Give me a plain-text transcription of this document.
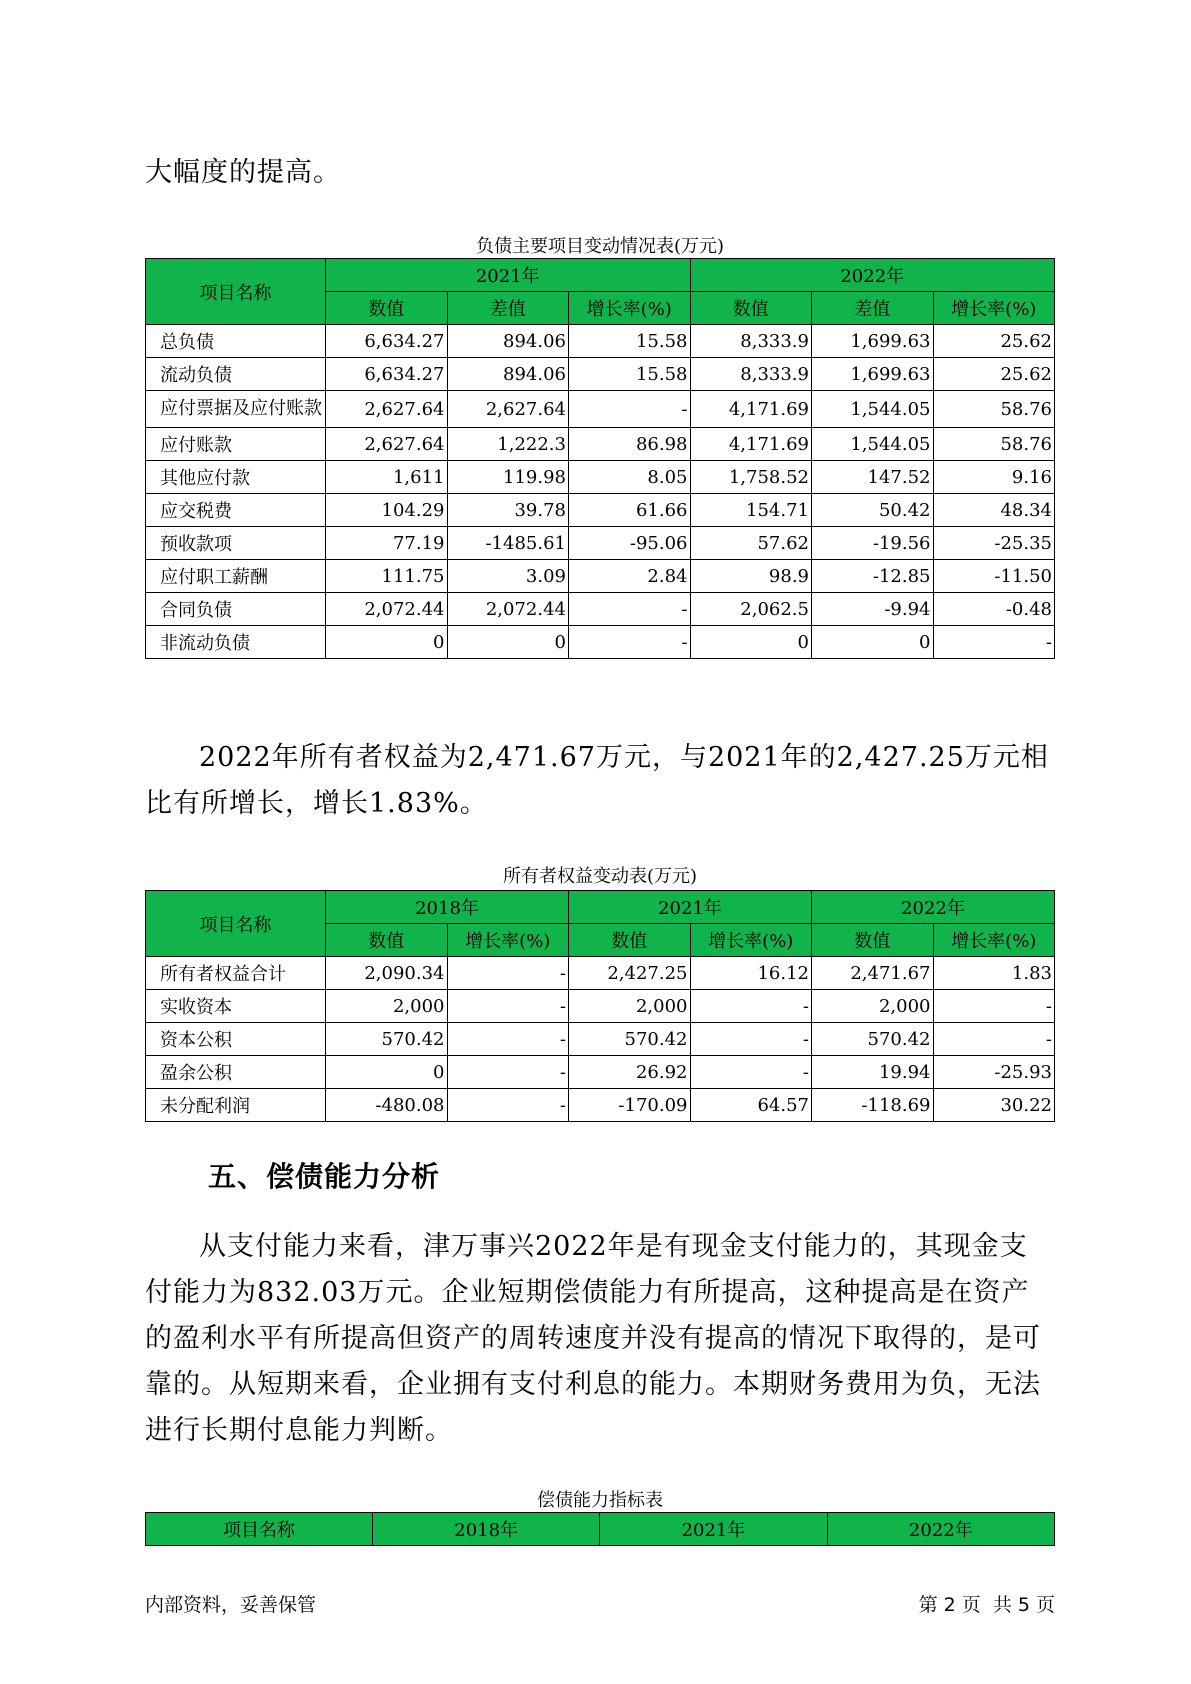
大幅度的提高。

负债主要项目变动情况表(万元)

项目名称	2021年			2022年		
	数值	差值	增长率(%)	数值	差值	增长率(%)
总负债	6,634.27	894.06	15.58	8,333.9	1,699.63	25.62
流动负债	6,634.27	894.06	15.58	8,333.9	1,699.63	25.62
应付票据及应付账款	2,627.64	2,627.64	-	4,171.69	1,544.05	58.76
应付账款	2,627.64	1,222.3	86.98	4,171.69	1,544.05	58.76
其他应付款	1,611	119.98	8.05	1,758.52	147.52	9.16
应交税费	104.29	39.78	61.66	154.71	50.42	48.34
预收款项	77.19	-1485.61	-95.06	57.62	-19.56	-25.35
应付职工薪酬	111.75	3.09	2.84	98.9	-12.85	-11.50
合同负债	2,072.44	2,072.44	-	2,062.5	-9.94	-0.48
非流动负债	0	0	-	0	0	-

2022年所有者权益为2,471.67万元，与2021年的2,427.25万元相比有所增长，增长1.83%。

所有者权益变动表(万元)

项目名称	2018年		2021年		2022年	
	数值	增长率(%)	数值	增长率(%)	数值	增长率(%)
所有者权益合计	2,090.34	-	2,427.25	16.12	2,471.67	1.83
实收资本	2,000	-	2,000	-	2,000	-
资本公积	570.42	-	570.42	-	570.42	-
盈余公积	0	-	26.92	-	19.94	-25.93
未分配利润	-480.08	-	-170.09	64.57	-118.69	30.22
五、偿债能力分析

从支付能力来看，津万事兴2022年是有现金支付能力的，其现金支付能力为832.03万元。企业短期偿债能力有所提高，这种提高是在资产的盈利水平有所提高但资产的周转速度并没有提高的情况下取得的，是可靠的。从短期来看，企业拥有支付利息的能力。本期财务费用为负，无法进行长期付息能力判断。

偿债能力指标表

项目名称	2018年	2021年	2022年
内部资料，妥善保管	第 2 页  共 5 页
